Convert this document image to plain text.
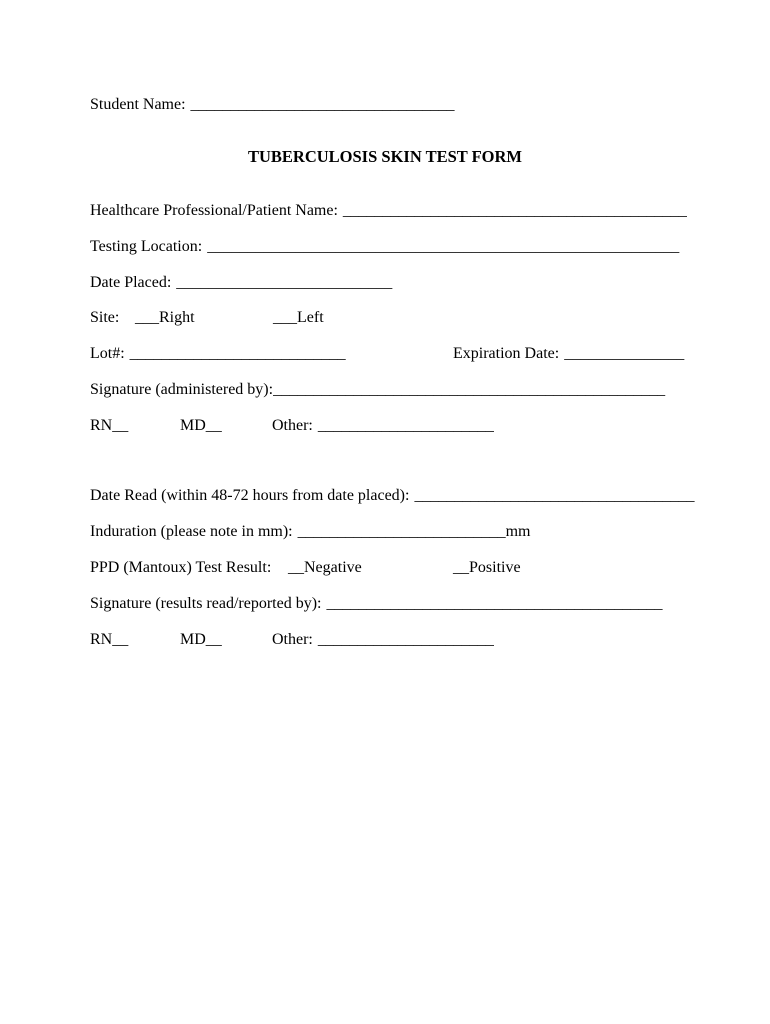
Student Name: _________________________________
TUBERCULOSIS SKIN TEST FORM
Healthcare Professional/Patient Name: ___________________________________________
Testing Location: ___________________________________________________________
Date Placed: ___________________________
Site: ___Right	___Left
Lot#: ___________________________	Expiration Date: _______________
Signature (administered by):_________________________________________________
RN__	MD__	Other: ______________________
Date Read (within 48-72 hours from date placed): ___________________________________
Induration (please note in mm): __________________________mm
PPD (Mantoux) Test Result: __Negative	__Positive
Signature (results read/reported by): __________________________________________
RN__	MD__	Other: ______________________
